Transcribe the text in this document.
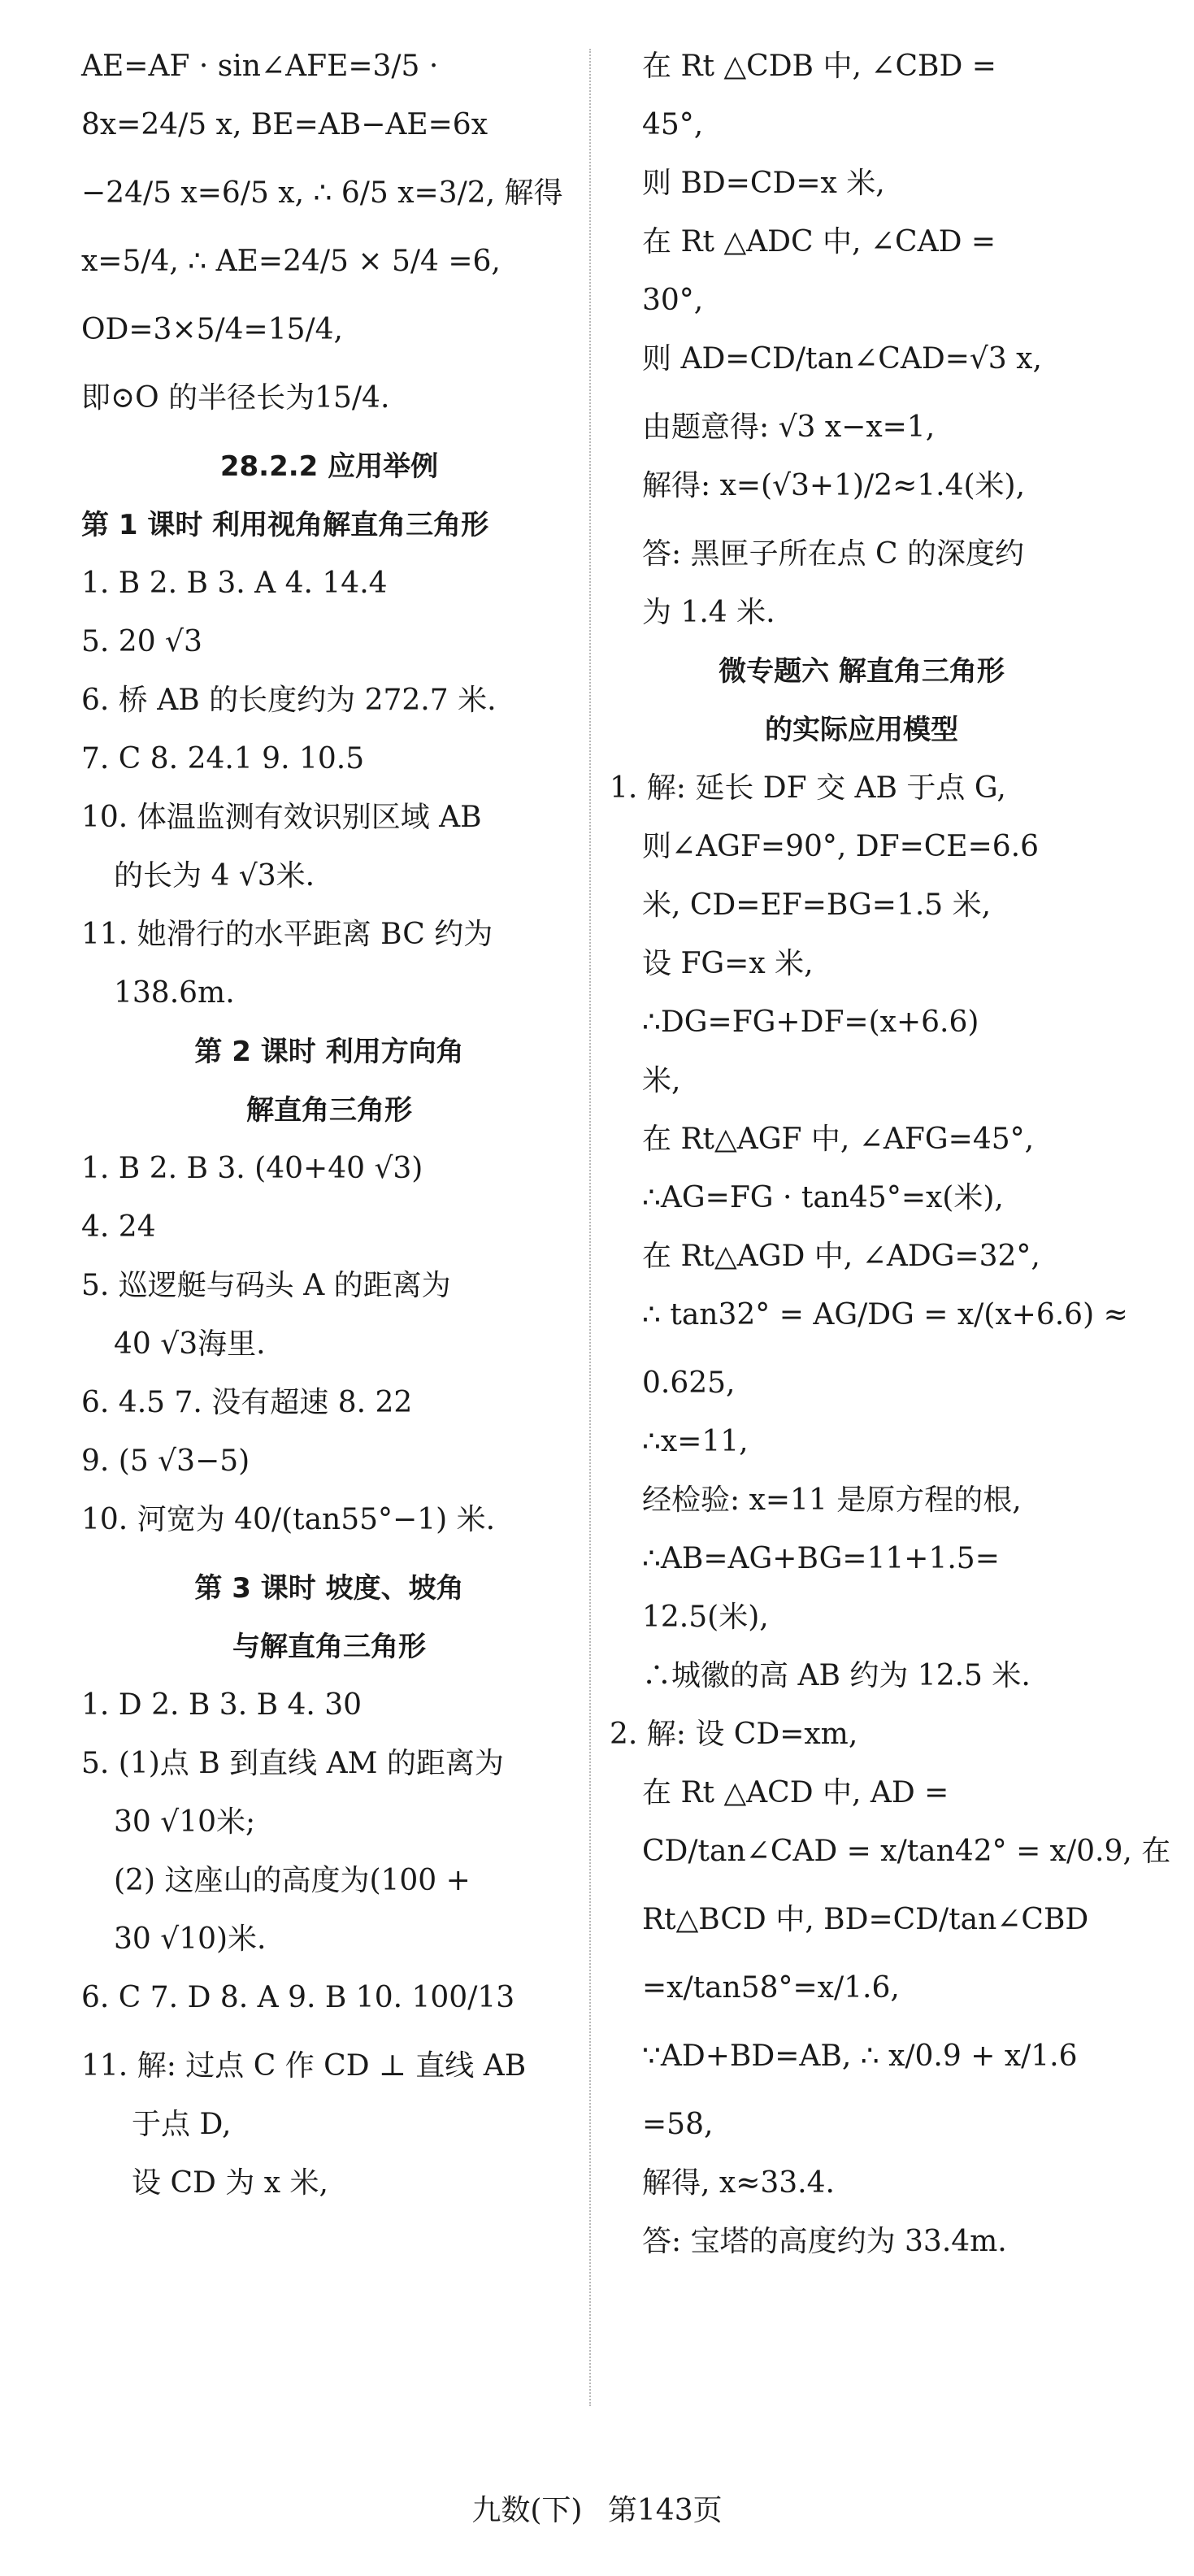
AE=AF · sin∠AFE=3/5 ·
8x=24/5 x, BE=AB−AE=6x
−24/5 x=6/5 x, ∴ 6/5 x=3/2, 解得
x=5/4, ∴ AE=24/5 × 5/4 =6,
OD=3×5/4=15/4,
即⊙O 的半径长为15/4.
28.2.2 应用举例
第 1 课时 利用视角解直角三角形
1. B 2. B 3. A 4. 14.4
5. 20 √3
6. 桥 AB 的长度约为 272.7 米.
7. C 8. 24.1 9. 10.5
10. 体温监测有效识别区域 AB
的长为 4 √3米.
11. 她滑行的水平距离 BC 约为
138.6m.
第 2 课时 利用方向角
解直角三角形
1. B 2. B 3. (40+40 √3)
4. 24
5. 巡逻艇与码头 A 的距离为
40 √3海里.
6. 4.5 7. 没有超速 8. 22
9. (5 √3−5)
10. 河宽为 40/(tan55°−1) 米.
第 3 课时 坡度、坡角
与解直角三角形
1. D 2. B 3. B 4. 30
5. (1)点 B 到直线 AM 的距离为
30 √10米;
(2) 这座山的高度为(100 +
30 √10)米.
6. C 7. D 8. A 9. B 10. 100/13
11. 解: 过点 C 作 CD ⊥ 直线 AB
于点 D,
设 CD 为 x 米,
在 Rt △CDB 中, ∠CBD =
45°,
则 BD=CD=x 米,
在 Rt △ADC 中, ∠CAD =
30°,
则 AD=CD/tan∠CAD=√3 x,
由题意得: √3 x−x=1,
解得: x=(√3+1)/2≈1.4(米),
答: 黑匣子所在点 C 的深度约
为 1.4 米.
微专题六 解直角三角形
的实际应用模型
1. 解: 延长 DF 交 AB 于点 G,
则∠AGF=90°, DF=CE=6.6
米, CD=EF=BG=1.5 米,
设 FG=x 米,
∴DG=FG+DF=(x+6.6)
米,
在 Rt△AGF 中, ∠AFG=45°,
∴AG=FG · tan45°=x(米),
在 Rt△AGD 中, ∠ADG=32°,
∴ tan32° = AG/DG = x/(x+6.6) ≈
0.625,
∴x=11,
经检验: x=11 是原方程的根,
∴AB=AG+BG=11+1.5=
12.5(米),
∴城徽的高 AB 约为 12.5 米.
2. 解: 设 CD=xm,
在 Rt △ACD 中, AD =
CD/tan∠CAD = x/tan42° = x/0.9, 在
Rt△BCD 中, BD=CD/tan∠CBD
=x/tan58°=x/1.6,
∵AD+BD=AB, ∴ x/0.9 + x/1.6
=58,
解得, x≈33.4.
答: 宝塔的高度约为 33.4m.
九数(下) 第143页
